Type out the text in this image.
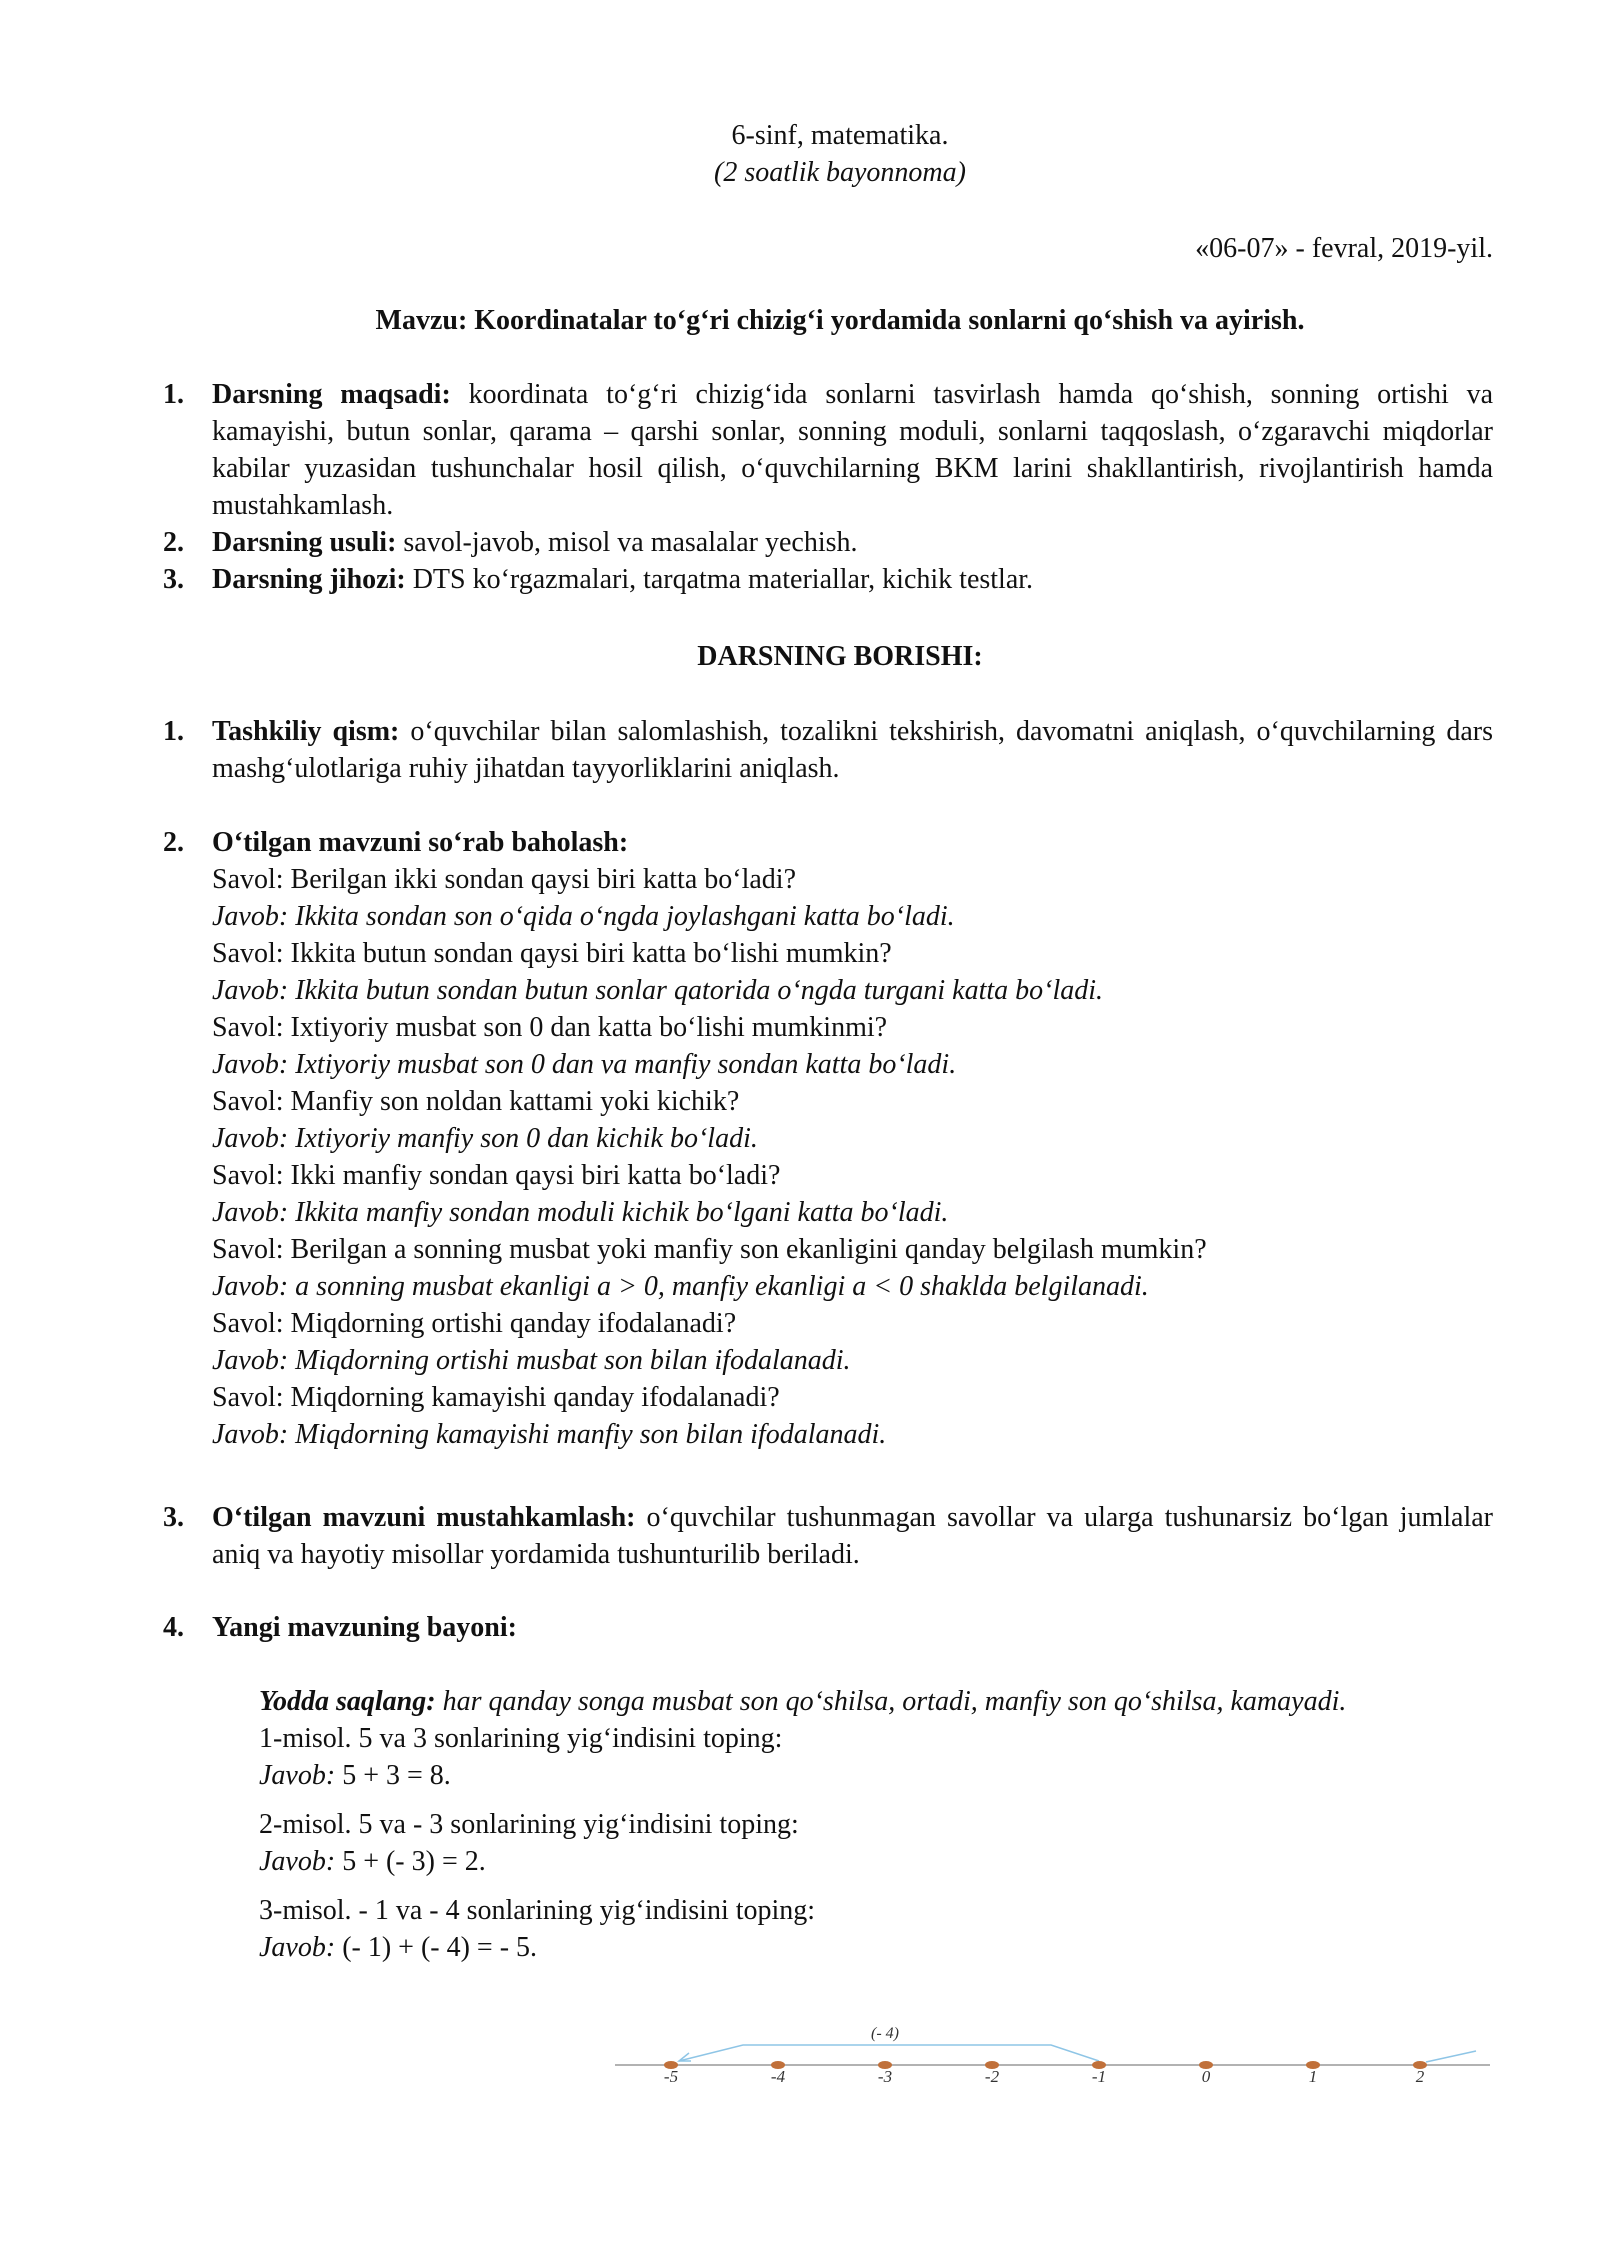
6-sinf, matematika.
(2 soatlik bayonnoma)
«06-07» - fevral, 2019-yil.
Mavzu: Koordinatalar to‘g‘ri chizig‘i yordamida sonlarni qo‘shish va ayirish.
1. Darsning maqsadi: koordinata to‘g‘ri chizig‘ida sonlarni tasvirlash hamda qo‘shish, sonning ortishi va kamayishi, butun sonlar, qarama – qarshi sonlar, sonning moduli, sonlarni taqqoslash, o‘zgaravchi miqdorlar kabilar yuzasidan tushunchalar hosil qilish, o‘quvchilarning BKM larini shakllantirish, rivojlantirish hamda mustahkamlash.
2. Darsning usuli: savol-javob, misol va masalalar yechish.
3. Darsning jihozi: DTS ko‘rgazmalari, tarqatma materiallar, kichik testlar.
DARSNING BORISHI:
1. Tashkiliy qism: o‘quvchilar bilan salomlashish, tozalikni tekshirish, davomatni aniqlash, o‘quvchilarning dars mashg‘ulotlariga ruhiy jihatdan tayyorliklarini aniqlash.
2. O‘tilgan mavzuni so‘rab baholash:
Savol: Berilgan ikki sondan qaysi biri katta bo‘ladi?
Javob: Ikkita sondan son o‘qida o‘ngda joylashgani katta bo‘ladi.
Savol: Ikkita butun sondan qaysi biri katta bo‘lishi mumkin?
Javob: Ikkita butun sondan butun sonlar qatorida o‘ngda turgani katta bo‘ladi.
Savol: Ixtiyoriy musbat son 0 dan katta bo‘lishi mumkinmi?
Javob: Ixtiyoriy musbat son 0 dan va manfiy sondan katta bo‘ladi.
Savol: Manfiy son noldan kattami yoki kichik?
Javob: Ixtiyoriy manfiy son 0 dan kichik bo‘ladi.
Savol: Ikki manfiy sondan qaysi biri katta bo‘ladi?
Javob: Ikkita manfiy sondan moduli kichik bo‘lgani katta bo‘ladi.
Savol: Berilgan a sonning musbat yoki manfiy son ekanligini qanday belgilash mumkin?
Javob: a sonning musbat ekanligi a > 0, manfiy ekanligi a < 0 shaklda belgilanadi.
Savol: Miqdorning ortishi qanday ifodalanadi?
Javob: Miqdorning ortishi musbat son bilan ifodalanadi.
Savol: Miqdorning kamayishi qanday ifodalanadi?
Javob: Miqdorning kamayishi manfiy son bilan ifodalanadi.
3. O‘tilgan mavzuni mustahkamlash: o‘quvchilar tushunmagan savollar va ularga tushunarsiz bo‘lgan jumlalar aniq va hayotiy misollar yordamida tushunturilib beriladi.
4. Yangi mavzuning bayoni:
Yodda saqlang: har qanday songa musbat son qo‘shilsa, ortadi, manfiy son qo‘shilsa, kamayadi.
1-misol. 5 va 3 sonlarining yig‘indisini toping:
Javob: 5 + 3 = 8.
2-misol. 5 va - 3 sonlarining yig‘indisini toping:
Javob: 5 + (- 3) = 2.
3-misol. - 1 va - 4 sonlarining yig‘indisini toping:
Javob: (- 1) + (- 4) = - 5.
(- 4)
-5	-4	-3	-2	-1	0	1	2
